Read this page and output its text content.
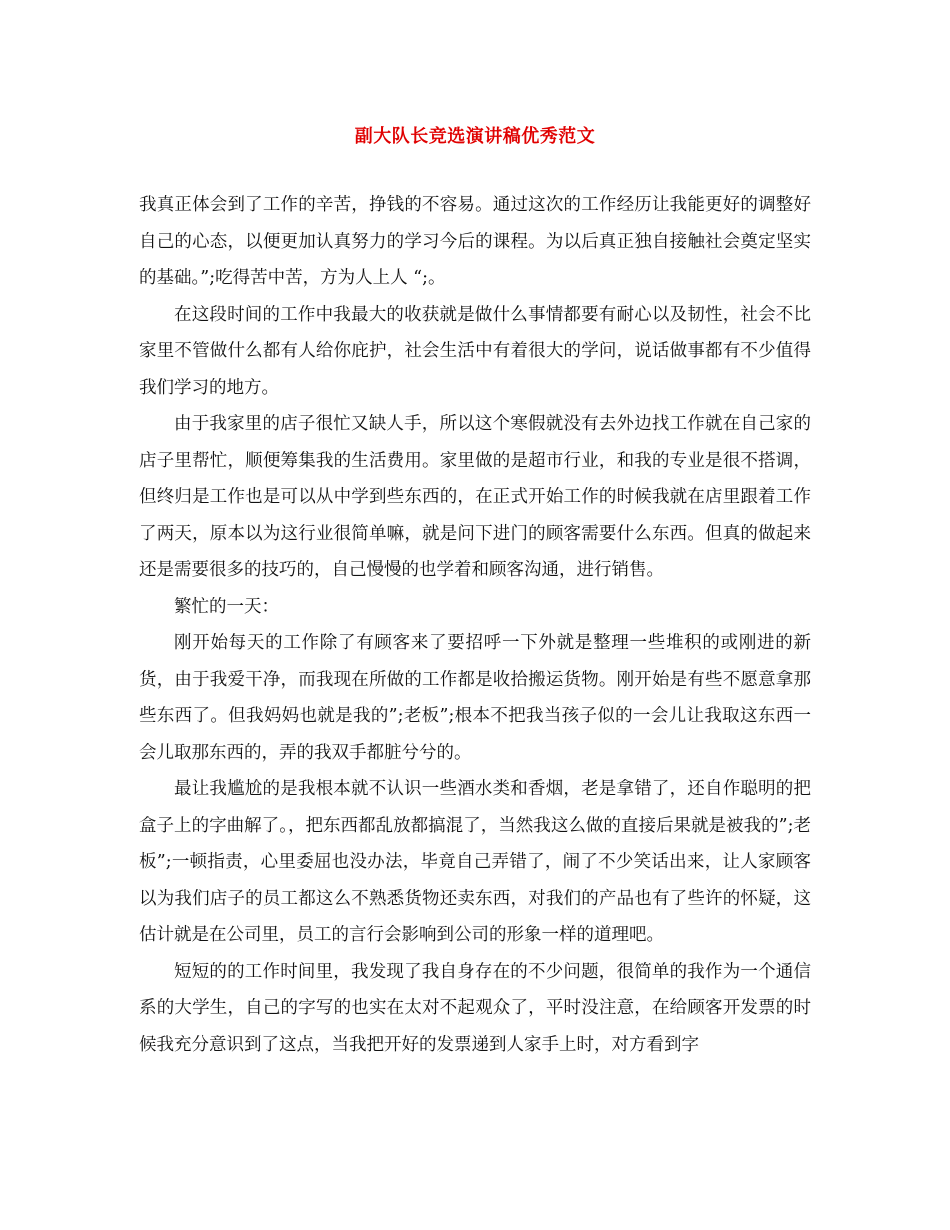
副大队长竞选演讲稿优秀范文

我真正体会到了工作的辛苦，挣钱的不容易。通过这次的工作经历让我能更好的调整好自己的心态，以便更加认真努力的学习今后的课程。为以后真正独自接触社会奠定坚实的基础。”;吃得苦中苦，方为人上人 “;。

在这段时间的工作中我最大的收获就是做什么事情都要有耐心以及韧性，社会不比家里不管做什么都有人给你庇护，社会生活中有着很大的学问，说话做事都有不少值得我们学习的地方。

由于我家里的店子很忙又缺人手，所以这个寒假就没有去外边找工作就在自己家的店子里帮忙，顺便筹集我的生活费用。家里做的是超市行业，和我的专业是很不搭调，但终归是工作也是可以从中学到些东西的，在正式开始工作的时候我就在店里跟着工作了两天，原本以为这行业很简单嘛，就是问下进门的顾客需要什么东西。但真的做起来还是需要很多的技巧的，自己慢慢的也学着和顾客沟通，进行销售。

繁忙的一天：

刚开始每天的工作除了有顾客来了要招呼一下外就是整理一些堆积的或刚进的新货，由于我爱干净，而我现在所做的工作都是收拾搬运货物。刚开始是有些不愿意拿那些东西了。但我妈妈也就是我的”;老板”;根本不把我当孩子似的一会儿让我取这东西一会儿取那东西的，弄的我双手都脏兮兮的。

最让我尴尬的是我根本就不认识一些酒水类和香烟，老是拿错了，还自作聪明的把盒子上的字曲解了。，把东西都乱放都搞混了，当然我这么做的直接后果就是被我的”;老板”;一顿指责，心里委屈也没办法，毕竟自己弄错了，闹了不少笑话出来，让人家顾客以为我们店子的员工都这么不熟悉货物还卖东西，对我们的产品也有了些许的怀疑，这估计就是在公司里，员工的言行会影响到公司的形象一样的道理吧。

短短的的工作时间里，我发现了我自身存在的不少问题，很简单的我作为一个通信系的大学生，自己的字写的也实在太对不起观众了，平时没注意，在给顾客开发票的时候我充分意识到了这点，当我把开好的发票递到人家手上时，对方看到字
